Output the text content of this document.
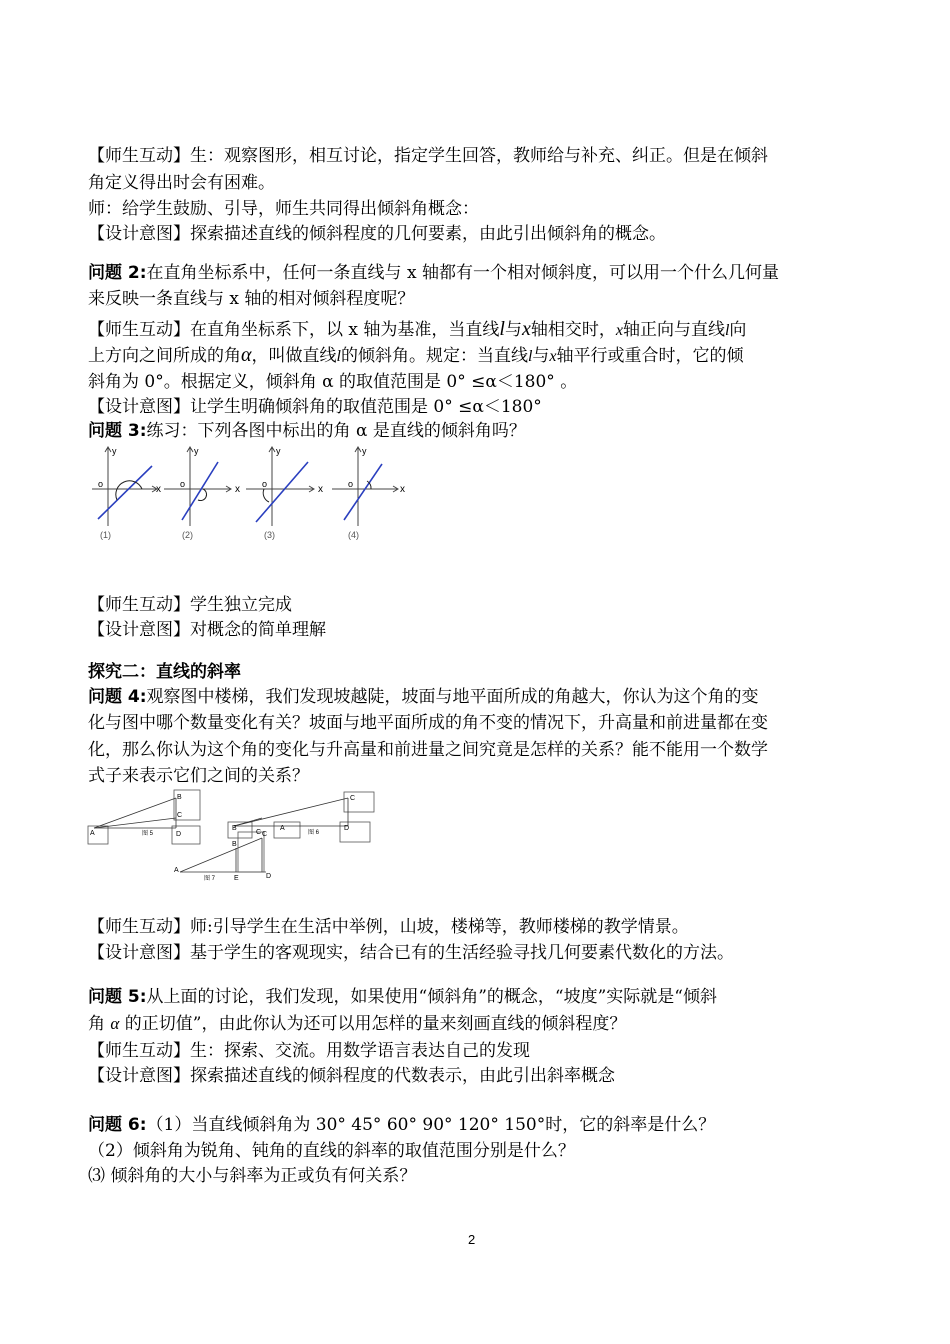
【师生互动】生：观察图形，相互讨论，指定学生回答，教师给与补充、纠正。但是在倾斜
角定义得出时会有困难。
师：给学生鼓励、引导，师生共同得出倾斜角概念：
【设计意图】探索描述直线的倾斜程度的几何要素，由此引出倾斜角的概念。
问题 2:在直角坐标系中，任何一条直线与 x 轴都有一个相对倾斜度，可以用一个什么几何量
来反映一条直线与 x 轴的相对倾斜程度呢？
【师生互动】在直角坐标系下，以 x 轴为基准，当直线l与x轴相交时，x轴正向与直线l向
上方向之间所成的角α，叫做直线l的倾斜角。规定：当直线l与x轴平行或重合时，它的倾
斜角为 0°。根据定义，倾斜角 α 的取值范围是 0° ≤α＜180° 。
【设计意图】让学生明确倾斜角的取值范围是 0° ≤α＜180°
问题 3:练习：下列各图中标出的角 α 是直线的倾斜角吗？
y	y	y	y
x	x	x	x
o	o	o	o
(1)	(2)	(3)	(4)
【师生互动】学生独立完成
【设计意图】对概念的简单理解
探究二：直线的斜率
问题 4:观察图中楼梯，我们发现坡越陡，坡面与地平面所成的角越大，你认为这个角的变
化与图中哪个数量变化有关？坡面与地平面所成的角不变的情况下，升高量和前进量都在变
化，那么你认为这个角的变化与升高量和前进量之间究竟是怎样的关系？能不能用一个数学
式子来表示它们之间的关系？
A
B
C
D
图 5
B
C
A
图 6
D
C
A
B
C
图 7	E	D
【师生互动】师:引导学生在生活中举例，山坡，楼梯等，教师楼梯的教学情景。
【设计意图】基于学生的客观现实，结合已有的生活经验寻找几何要素代数化的方法。
问题 5:从上面的讨论，我们发现，如果使用“倾斜角”的概念，“坡度”实际就是“倾斜
角 α 的正切值”，由此你认为还可以用怎样的量来刻画直线的倾斜程度？
【师生互动】生：探索、交流。用数学语言表达自己的发现
【设计意图】探索描述直线的倾斜程度的代数表示，由此引出斜率概念
问题 6:（1）当直线倾斜角为 30° 45° 60° 90° 120° 150°时，它的斜率是什么？
（2）倾斜角为锐角、钝角的直线的斜率的取值范围分别是什么？
⑶ 倾斜角的大小与斜率为正或负有何关系？
2
